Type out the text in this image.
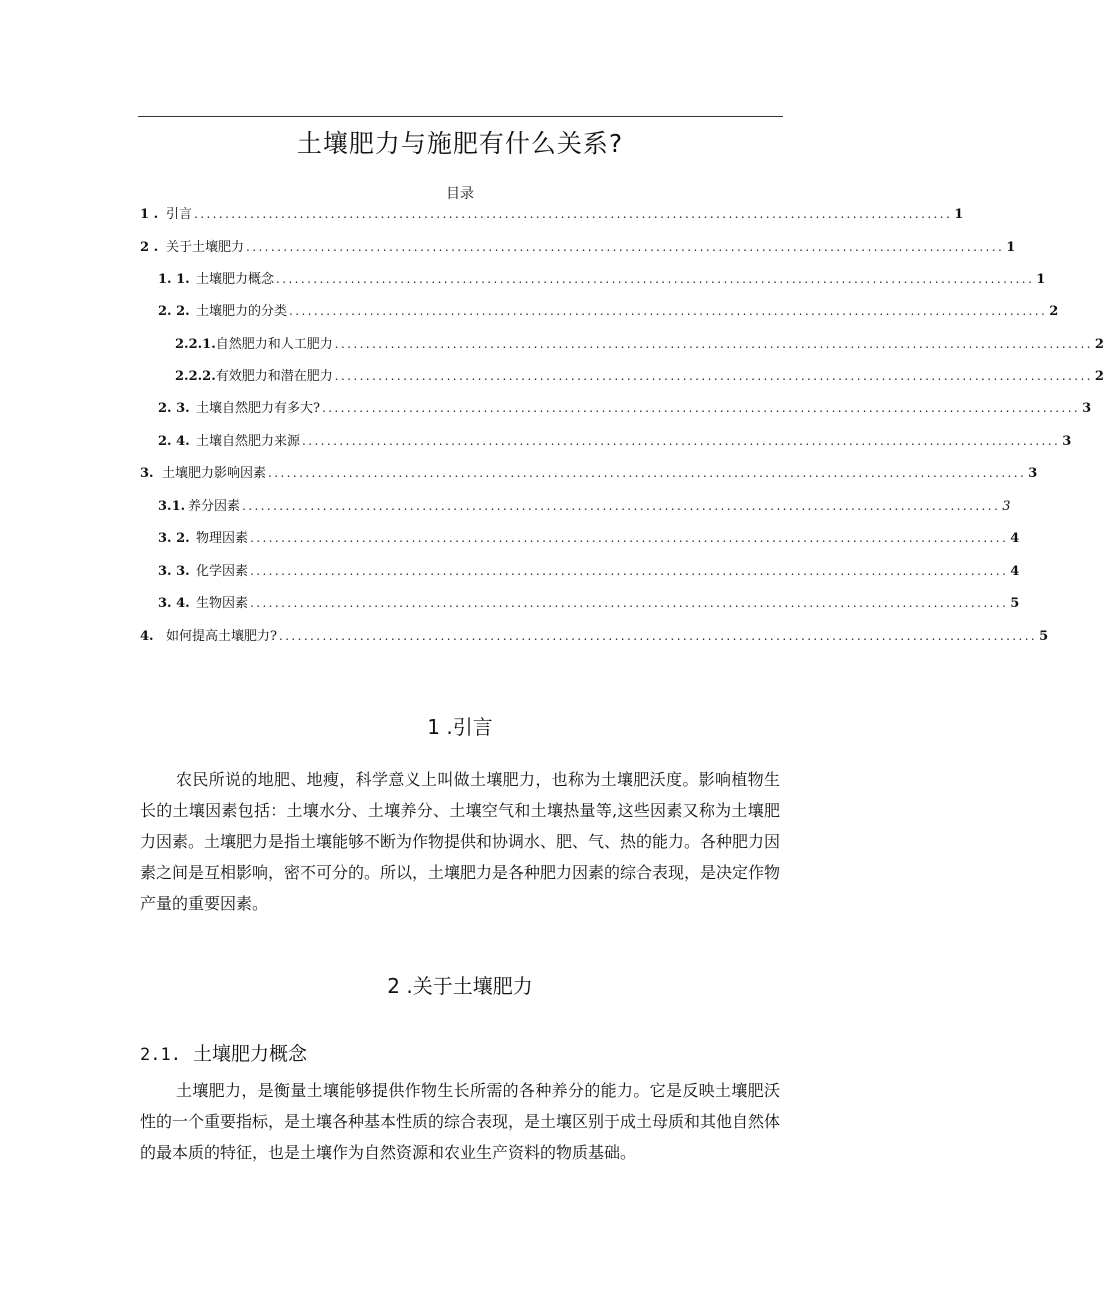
土壤肥力与施肥有什么关系?
目录
1 . 引言 .......................................................................................................................... 1
2 . 关于土壤肥力 .......................................................................................................................... 1
1. 1. 土壤肥力概念 .......................................................................................................................... 1
2. 2. 土壤肥力的分类 .......................................................................................................................... 2
2.2.1. 自然肥力和人工肥力 .......................................................................................................................... 2
2.2.2. 有效肥力和潜在肥力 .......................................................................................................................... 2
2. 3. 土壤自然肥力有多大? .......................................................................................................................... 3
2. 4. 土壤自然肥力来源 .......................................................................................................................... 3
3. 土壤肥力影响因素 .......................................................................................................................... 3
3.1. 养分因素 .......................................................................................................................... 3
3. 2. 物理因素 .......................................................................................................................... 4
3. 3. 化学因素 .......................................................................................................................... 4
3. 4. 生物因素 .......................................................................................................................... 5
4. 如何提高土壤肥力? .......................................................................................................................... 5
1 .引言

农民所说的地肥、地瘦，科学意义上叫做土壤肥力，也称为土壤肥沃度。影响植物生长的土壤因素包括：土壤水分、土壤养分、土壤空气和土壤热量等,这些因素又称为土壤肥力因素。土壤肥力是指土壤能够不断为作物提供和协调水、肥、气、热的能力。各种肥力因素之间是互相影响，密不可分的。所以，土壤肥力是各种肥力因素的综合表现，是决定作物产量的重要因素。

2 .关于土壤肥力
2.1. 土壤肥力概念

土壤肥力，是衡量土壤能够提供作物生长所需的各种养分的能力。它是反映土壤肥沃性的一个重要指标，是土壤各种基本性质的综合表现，是土壤区别于成土母质和其他自然体的最本质的特征，也是土壤作为自然资源和农业生产资料的物质基础。
